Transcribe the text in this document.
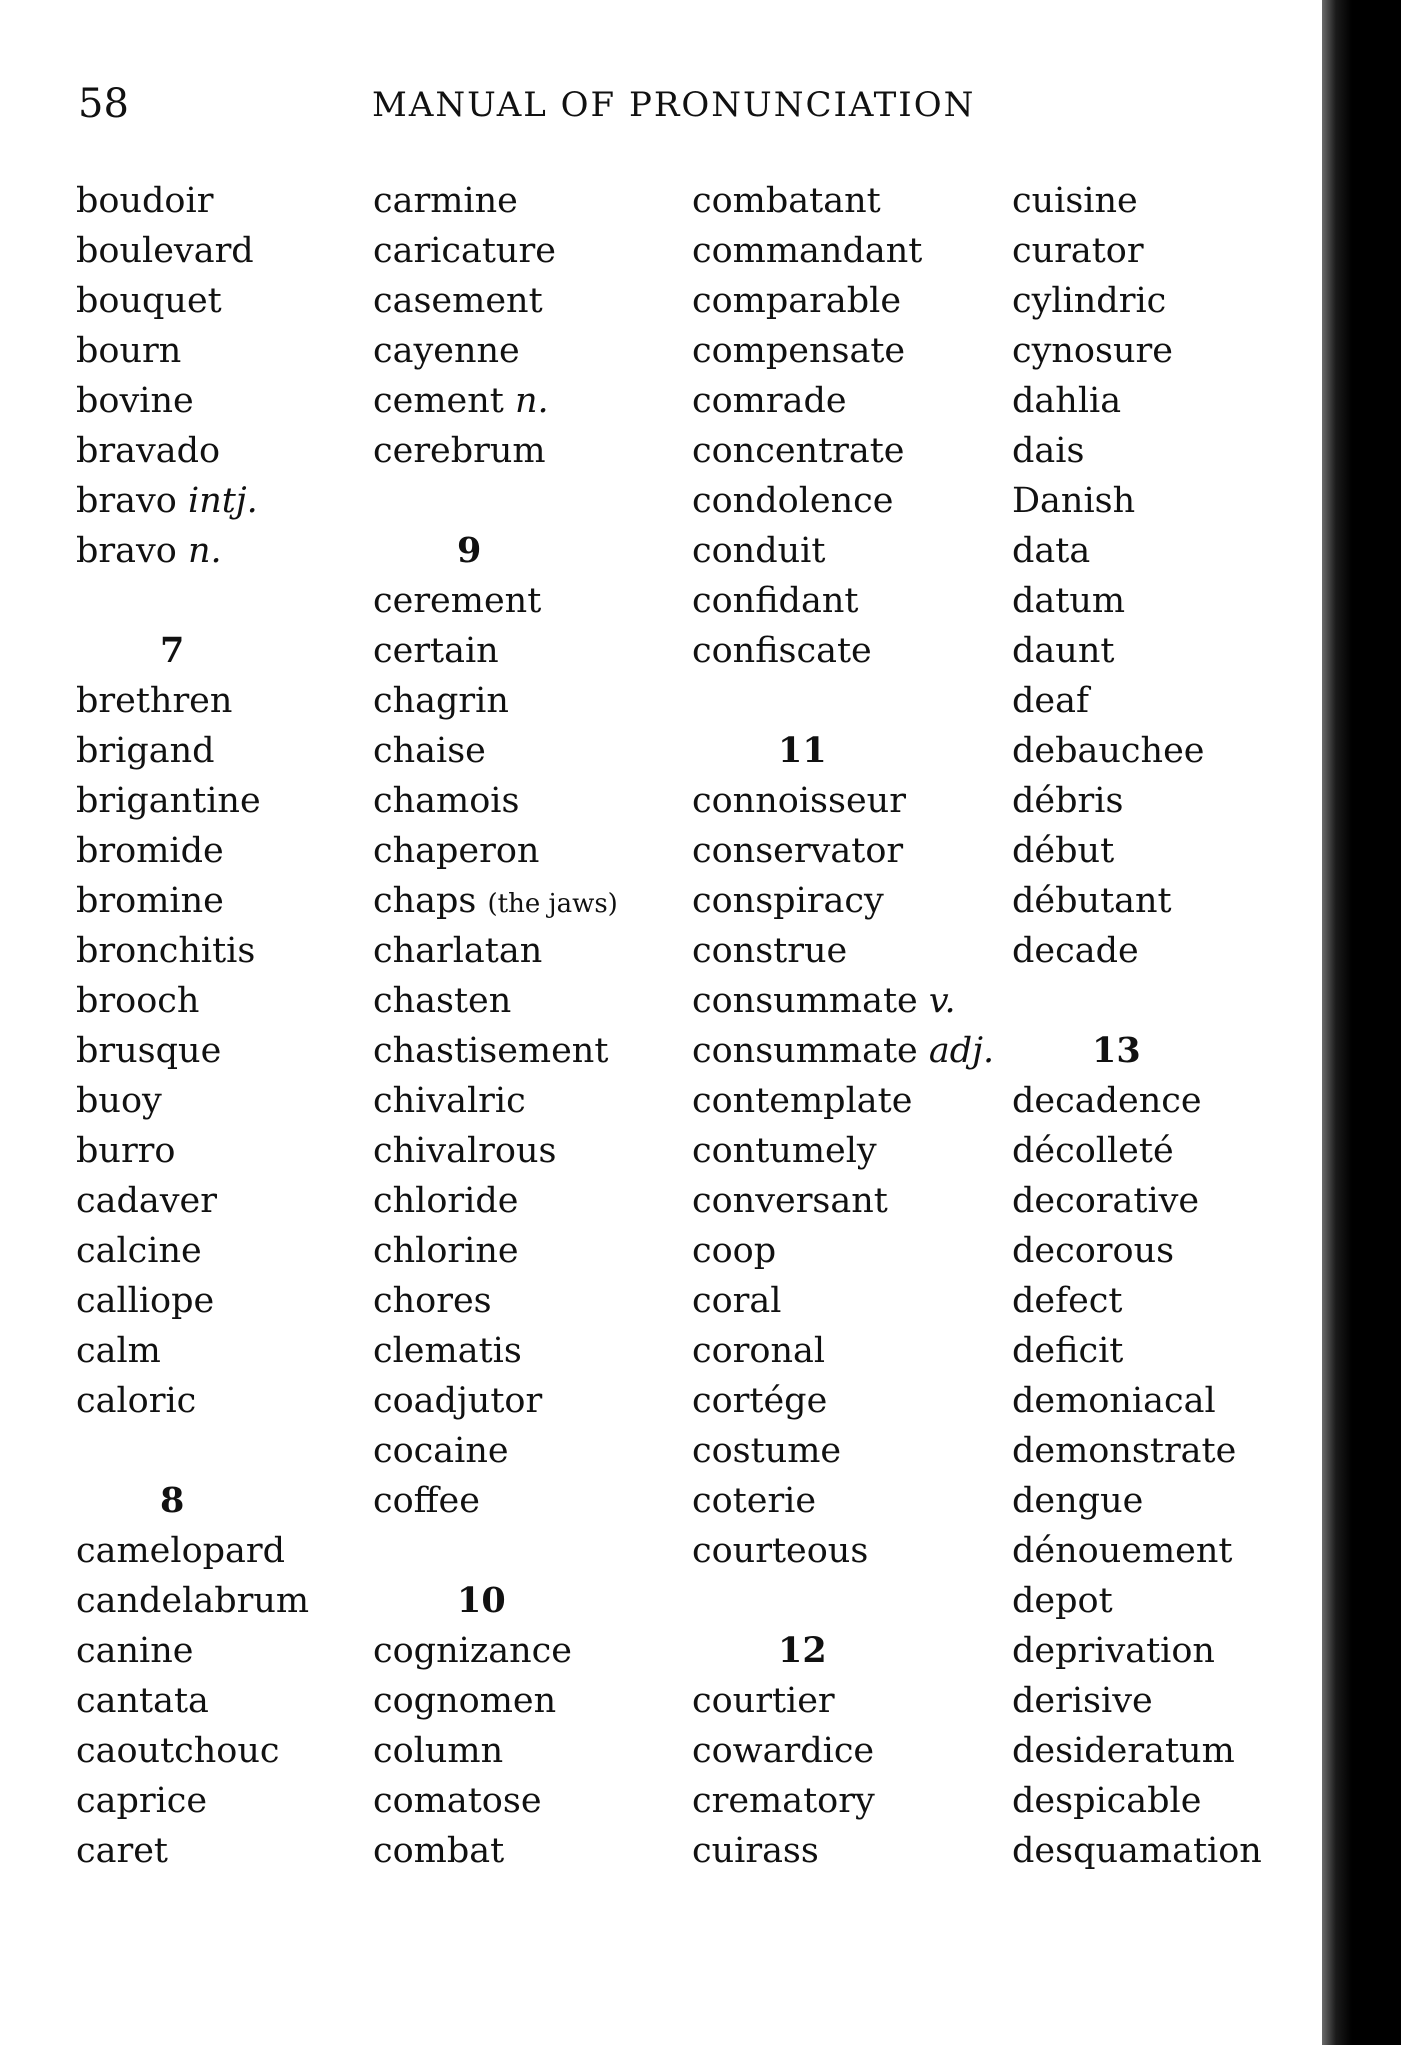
58	MANUAL OF PRONUNCIATION
boudoir
boulevard
bouquet
bourn
bovine
bravado
bravo intj.
bravo n.
7
brethren
brigand
brigantine
bromide
bromine
bronchitis
brooch
brusque
buoy
burro
cadaver
calcine
calliope
calm
caloric
8
camelopard
candelabrum
canine
cantata
caoutchouc
caprice
caret
carmine
caricature
casement
cayenne
cement n.
cerebrum
9
cerement
certain
chagrin
chaise
chamois
chaperon
chaps (the jaws)
charlatan
chasten
chastisement
chivalric
chivalrous
chloride
chlorine
chores
clematis
coadjutor
cocaine
coffee
10
cognizance
cognomen
column
comatose
combat
combatant
commandant
comparable
compensate
comrade
concentrate
condolence
conduit
confidant
confiscate
11
connoisseur
conservator
conspiracy
construe
consummate v.
consummate adj.
contemplate
contumely
conversant
coop
coral
coronal
cortége
costume
coterie
courteous
12
courtier
cowardice
crematory
cuirass
cuisine
curator
cylindric
cynosure
dahlia
dais
Danish
data
datum
daunt
deaf
debauchee
débris
début
débutant
decade
13
decadence
décolleté
decorative
decorous
defect
deficit
demoniacal
demonstrate
dengue
dénouement
depot
deprivation
derisive
desideratum
despicable
desquamation
